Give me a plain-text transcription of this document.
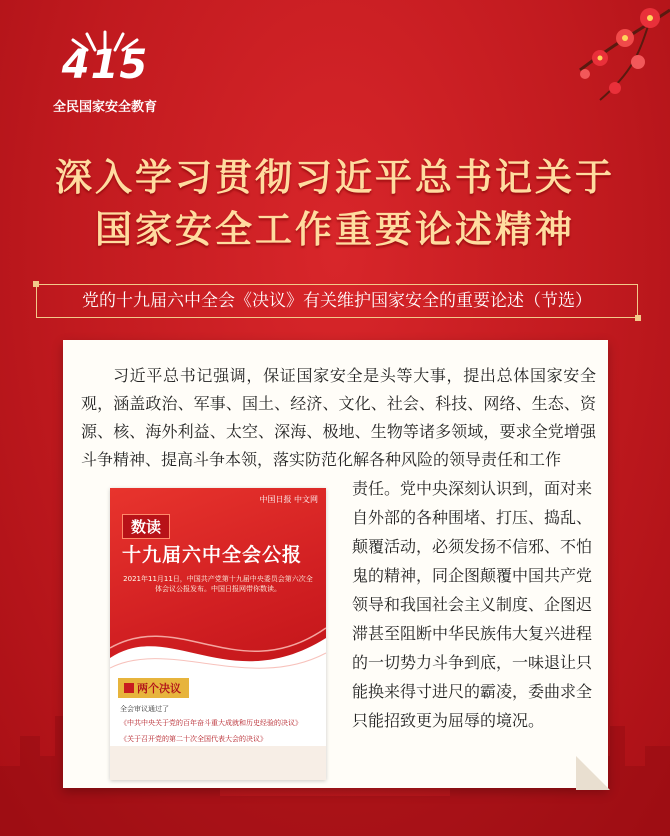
415
全民国家安全教育
深入学习贯彻习近平总书记关于
国家安全工作重要论述精神
党的十九届六中全会《决议》有关维护国家安全的重要论述（节选）
习近平总书记强调，保证国家安全是头等大事，提出总体国家安全观，涵盖政治、军事、国土、经济、文化、社会、科技、网络、生态、资源、核、海外利益、太空、深海、极地、生物等诸多领域，要求全党增强斗争精神、提高斗争本领，落实防范化解各种风险的领导责任和工作
中国日报 中文网
数读
十九届六中全会公报
2021年11月11日，中国共产党第十九届中央委员会第六次全体会议公报发布。中国日报网带你数读。
两个决议
全会审议通过了
《中共中央关于党的百年奋斗重大成就和历史经验的决议》
《关于召开党的第二十次全国代表大会的决议》
责任。党中央深刻认识到，面对来自外部的各种围堵、打压、捣乱、颠覆活动，必须发扬不信邪、不怕鬼的精神，同企图颠覆中国共产党领导和我国社会主义制度、企图迟滞甚至阻断中华民族伟大复兴进程的一切势力斗争到底，一味退让只能换来得寸进尺的霸凌，委曲求全只能招致更为屈辱的境况。
